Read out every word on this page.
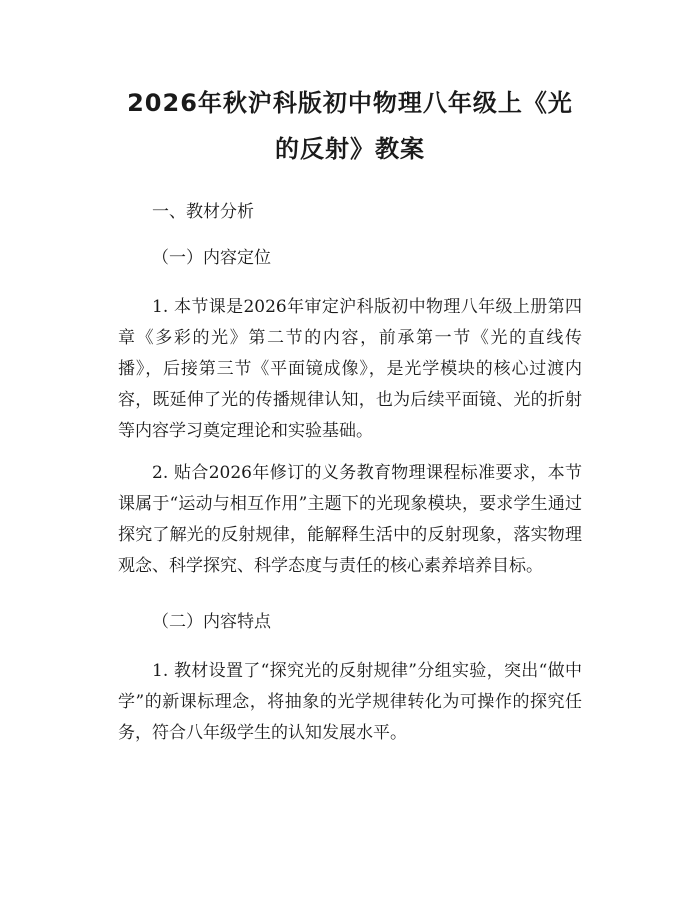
2026年秋沪科版初中物理八年级上《光的反射》教案

一、教材分析

（一）内容定位

1. 本节课是2026年审定沪科版初中物理八年级上册第四章《多彩的光》第二节的内容，前承第一节《光的直线传播》，后接第三节《平面镜成像》，是光学模块的核心过渡内容，既延伸了光的传播规律认知，也为后续平面镜、光的折射等内容学习奠定理论和实验基础。

2. 贴合2026年修订的义务教育物理课程标准要求，本节课属于“运动与相互作用”主题下的光现象模块，要求学生通过探究了解光的反射规律，能解释生活中的反射现象，落实物理观念、科学探究、科学态度与责任的核心素养培养目标。

（二）内容特点

1. 教材设置了“探究光的反射规律”分组实验，突出“做中学”的新课标理念，将抽象的光学规律转化为可操作的探究任务，符合八年级学生的认知发展水平。
